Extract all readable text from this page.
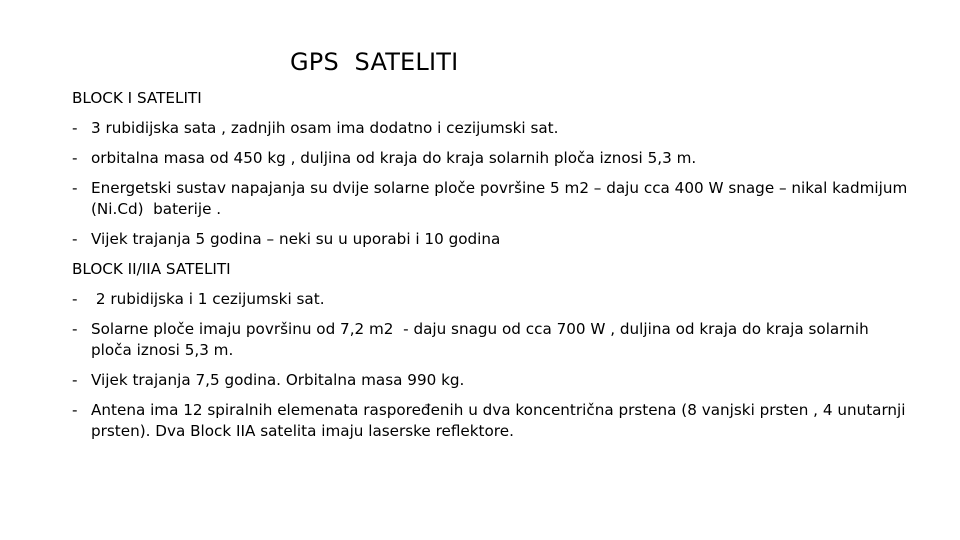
GPS  SATELITI
BLOCK I SATELITI
- 3 rubidijska sata , zadnjih osam ima dodatno i cezijumski sat.
- orbitalna masa od 450 kg , duljina od kraja do kraja solarnih ploča iznosi 5,3 m.
- Energetski sustav napajanja su dvije solarne ploče površine 5 m2 – daju cca 400 W snage – nikal kadmijum (Ni.Cd)  baterije .
- Vijek trajanja 5 godina – neki su u uporabi i 10 godina
BLOCK II/IIA SATELITI
- 2 rubidijska i 1 cezijumski sat.
- Solarne ploče imaju površinu od 7,2 m2  - daju snagu od cca 700 W , duljina od kraja do kraja solarnih ploča iznosi 5,3 m.
- Vijek trajanja 7,5 godina. Orbitalna masa 990 kg.
- Antena ima 12 spiralnih elemenata raspoređenih u dva koncentrična prstena (8 vanjski prsten , 4 unutarnji prsten). Dva Block IIA satelita imaju laserske reflektore.
